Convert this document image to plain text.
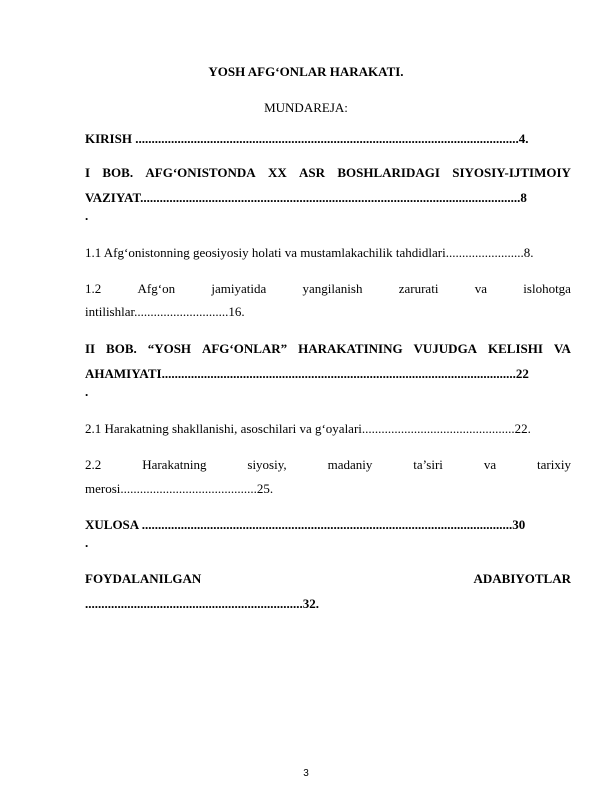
YOSH AFG‘ONLAR HARAKATI.
MUNDAREJA:
KIRISH ......................................................................................................................4.
I BOB. AFG‘ONISTONDA XX ASR BOSHLARIDAGI SIYOSIY-IJTIMOIY
VAZIYAT.....................................................................................................................8
.
1.1 Afg‘onistonning geosiyosiy holati va mustamlakachilik tahdidlari........................8.
1.2	Afg‘on	jamiyatida	yangilanish	zarurati	va	islohotga
intilishlar.............................16.
II BOB. “YOSH AFG‘ONLAR” HARAKATINING VUJUDGA KELISHI VA
AHAMIYATI.............................................................................................................22
.
2.1 Harakatning shakllanishi, asoschilari va g‘oyalari...............................................22.
2.2	Harakatning	siyosiy,	madaniy	ta’siri	va	tarixiy
merosi..........................................25.
XULOSA ..................................................................................................................30
.
FOYDALANILGAN	ADABIYOTLAR
...................................................................32.
3
